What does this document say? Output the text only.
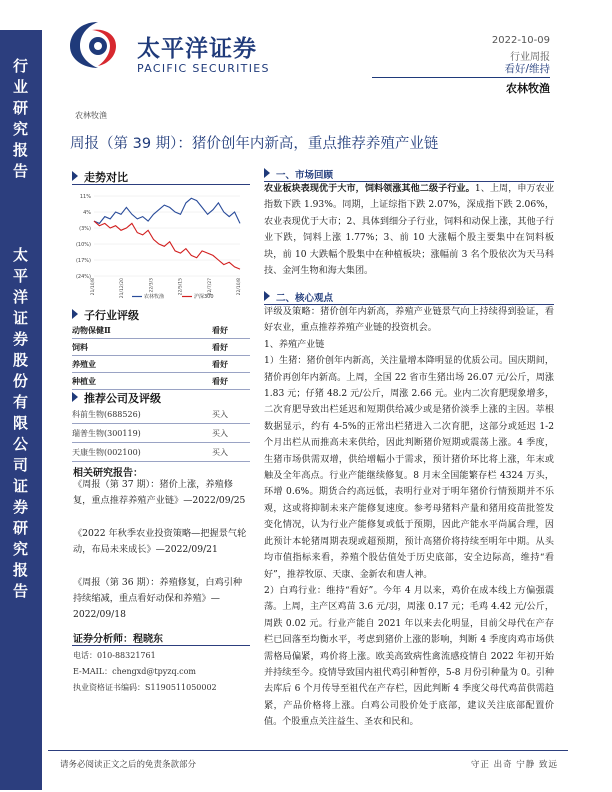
行业研究报告
太平洋证券股份有限公司证券研究报告
太平洋证券
PACIFIC SECURITIES
2022-10-09
行业周报
看好/维持
农林牧渔
农林牧渔
周报（第 39 期）：猪价创年内新高，重点推荐养殖产业链
走势对比
11%
4%
(3%)
(10%)
(17%)
(24%)
21/10/8	21/12/20	22/3/3	22/5/15	22/7/27	22/10/8
农林牧渔	沪深300
子行业评级
动物保健Ⅱ	看好
饲料	看好
养殖业	看好
种植业	看好
推荐公司及评级
科前生物(688526)	买入
瑞普生物(300119)	买入
天康生物(002100)	买入
相关研究报告：
《周报（第 37 期）：猪价上涨，养殖修复，重点推荐养殖产业链》—2022/09/25
《2022 年秋季农业投资策略—把握景气轮动，布局未来成长》—2022/09/21
《周报（第 36 期）：养殖修复，白鸡引种持续缩减，重点看好动保和养殖》—2022/09/18
证券分析师：程晓东
电话：010-88321761
E-MAIL：chengxd@tpyzq.com
执业资格证书编码：S1190511050002
一、市场回顾
农业板块表现优于大市，饲料领涨其他二级子行业。1、上周，申万农业指数下跌 1.93%。同期，上证综指下跌 2.07%，深成指下跌 2.06%，农业表现优于大市；2、具体到细分子行业，饲料和动保上涨，其他子行业下跌，饲料上涨 1.77%；3、前 10 大涨幅个股主要集中在饲料板块，前 10 大跌幅个股集中在种植板块；涨幅前 3 名个股依次为天马科技、金河生物和海大集团。
二、核心观点
评级及策略：猪价创年内新高，养殖产业链景气向上持续得到验证，看好农业，重点推荐养殖产业链的投资机会。
1、养殖产业链
1）生猪：猪价创年内新高，关注量增本降明显的优质公司。国庆期间，猪价再创年内新高。上周，全国 22 省市生猪出场 26.07 元/公斤，周涨 1.83 元；仔猪 48.2 元/公斤，周涨 2.66 元。业内二次育肥现象增多，二次育肥导致出栏延迟和短期供给减少或是猪价淡季上涨的主因。莘根数据显示，约有 4-5%的正常出栏猪进入二次育肥，这部分或延迟 1-2 个月出栏从而推高未来供给，因此判断猪价短期或震荡上涨。4 季度，生猪市场供需双增，供给增幅小于需求，预计猪价环比将上涨，年末或触及全年高点。行业产能继续修复。8 月末全国能繁存栏 4324 万头，环增 0.6%。期货合约高远低，表明行业对于明年猪价行情预期并不乐观，这或将抑制未来产能修复速度。参考母猪料产量和猪用疫苗批签发变化情况，认为行业产能修复或低于预期，因此产能水平尚属合理，因此预计本轮猪周期表现或超预期，预计高猪价将持续至明年中期。从头均市值指标来看，养殖个股估值处于历史底部，安全边际高，维持“看好”，推荐牧原、天康、金新农和唐人神。
2）白鸡行业：维持“看好”。今年 4 月以来，鸡价在成本线上方偏强震荡。上周，主产区鸡苗 3.6 元/羽，周涨 0.17 元；毛鸡 4.42 元/公斤，周跌 0.02 元。行业产能自 2021 年以来去化明显，目前父母代在产存栏已回落至均衡水平，考虑到猪价上涨的影响，判断 4 季度肉鸡市场供需格局偏紧，鸡价将上涨。欧美高致病性禽流感疫情自 2022 年初开始并持续至今。疫情导致国内祖代鸡引种暂停，5-8 月份引种量为 0。引种去库后 6 个月传导至祖代在产存栏，因此判断 4 季度父母代鸡苗供需趋紧，产品价格将上涨。白鸡公司股价处于底部，建议关注底部配置价值。个股重点关注益生、圣农和民和。
请务必阅读正文之后的免责条款部分	守正 出奇 宁静 致远
